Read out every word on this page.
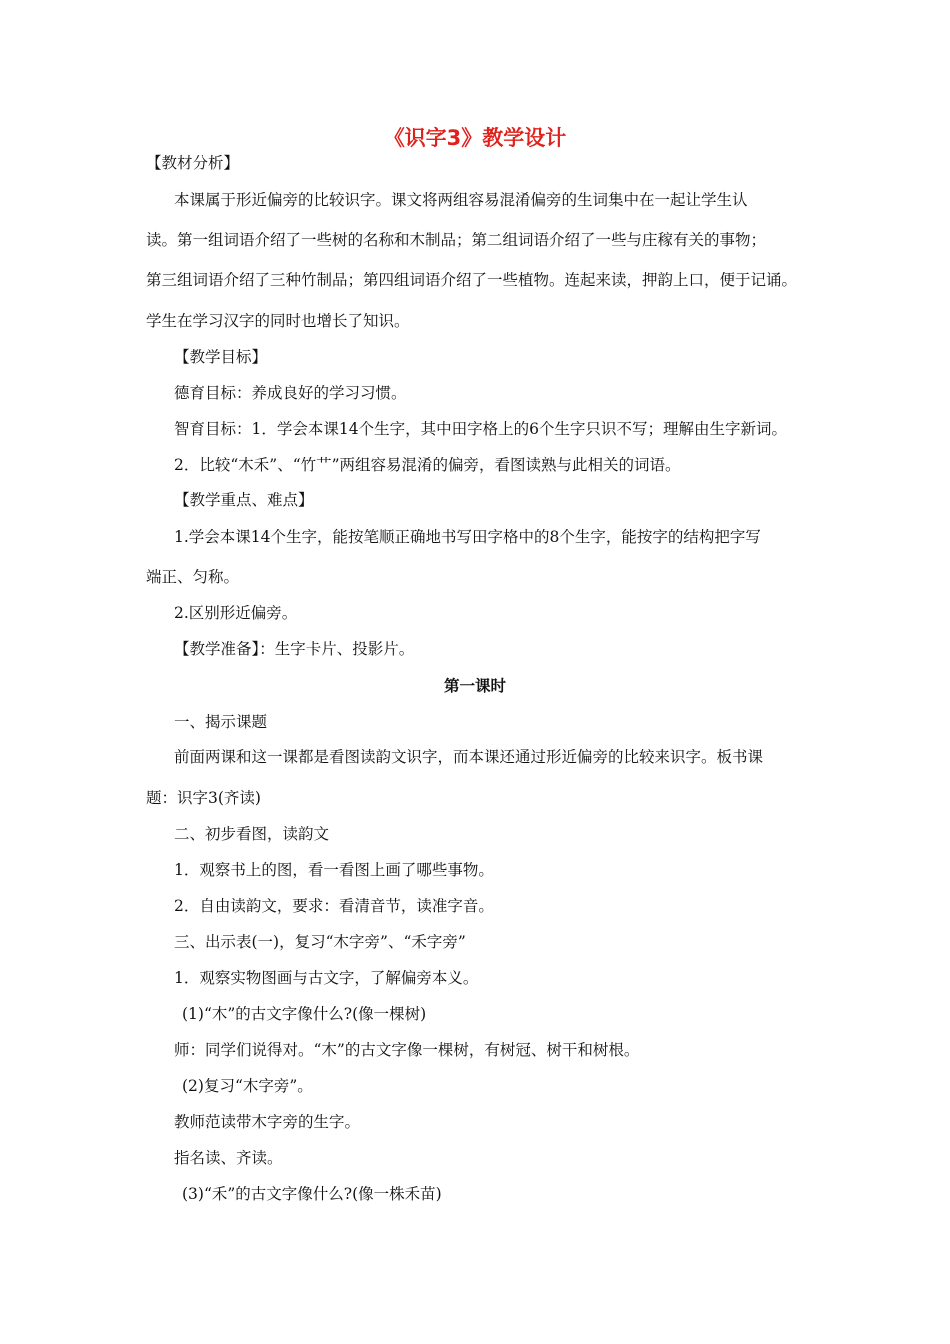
《识字3》教学设计
【教材分析】
本课属于形近偏旁的比较识字。课文将两组容易混淆偏旁的生词集中在一起让学生认
读。第一组词语介绍了一些树的名称和木制品；第二组词语介绍了一些与庄稼有关的事物；
第三组词语介绍了三种竹制品；第四组词语介绍了一些植物。连起来读，押韵上口，便于记诵。
学生在学习汉字的同时也增长了知识。
【教学目标】
德育目标：养成良好的学习习惯。
智育目标：1．学会本课14个生字，其中田字格上的6个生字只识不写；理解由生字新词。
2．比较“木禾”、“竹艹”两组容易混淆的偏旁，看图读熟与此相关的词语。
【教学重点、难点】
1.学会本课14个生字，能按笔顺正确地书写田字格中的8个生字，能按字的结构把字写
端正、匀称。
2.区别形近偏旁。
【教学准备】：生字卡片、投影片。
第一课时
一、揭示课题
前面两课和这一课都是看图读韵文识字，而本课还通过形近偏旁的比较来识字。板书课
题：识字3(齐读)
二、初步看图，读韵文
1．观察书上的图，看一看图上画了哪些事物。
2．自由读韵文，要求：看清音节，读准字音。
三、出示表(一)，复习“木字旁”、“禾字旁”
1．观察实物图画与古文字，了解偏旁本义。
(1)“木”的古文字像什么?(像一棵树)
师：同学们说得对。“木”的古文字像一棵树，有树冠、树干和树根。
(2)复习“木字旁”。
教师范读带木字旁的生字。
指名读、齐读。
(3)“禾”的古文字像什么?(像一株禾苗)
